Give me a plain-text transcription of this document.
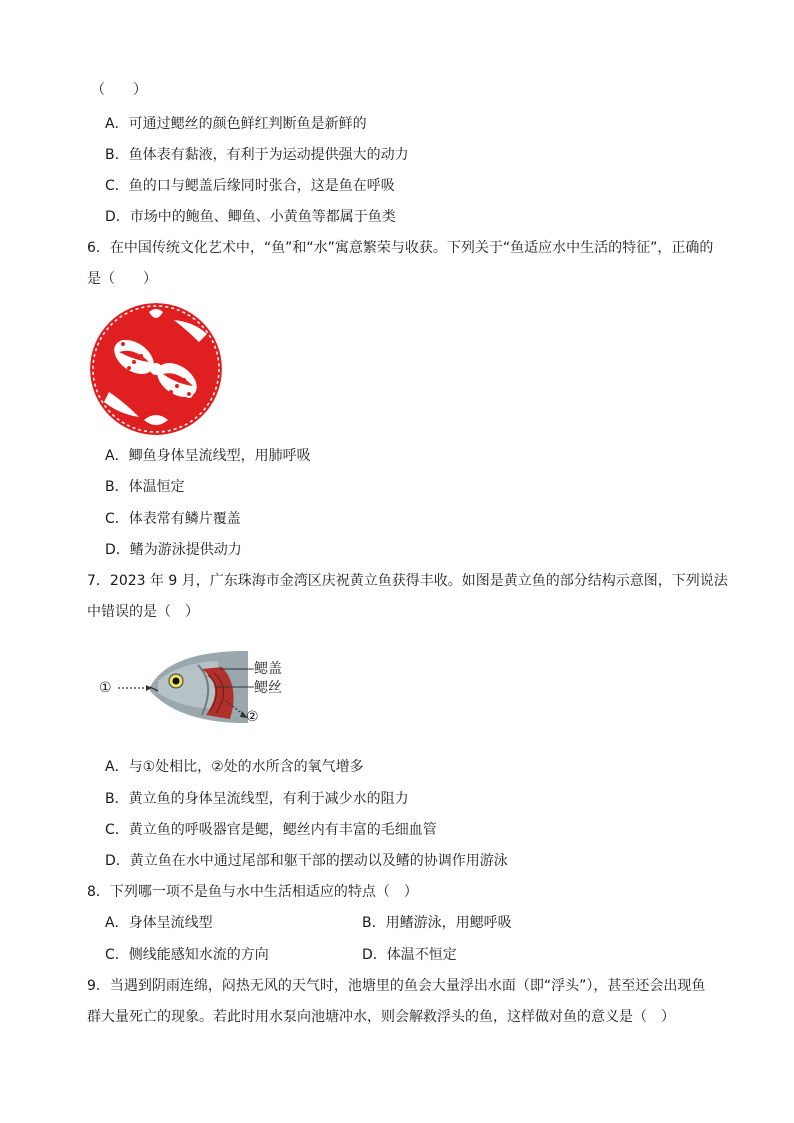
（　　）
A．可通过鳃丝的颜色鲜红判断鱼是新鲜的
B．鱼体表有黏液，有利于为运动提供强大的动力
C．鱼的口与鳃盖后缘同时张合，这是鱼在呼吸
D．市场中的鲍鱼、鲫鱼、小黄鱼等都属于鱼类
6．在中国传统文化艺术中，“鱼”和“水”寓意繁荣与收获。下列关于“鱼适应水中生活的特征”，正确的
是（　　）
A．鲫鱼身体呈流线型，用肺呼吸
B．体温恒定
C．体表常有鳞片覆盖
D．鳍为游泳提供动力
7．2023 年 9 月，广东珠海市金湾区庆祝黄立鱼获得丰收。如图是黄立鱼的部分结构示意图，下列说法
中错误的是（　）
①
鳃盖
鳃丝
②
A．与①处相比，②处的水所含的氧气增多
B．黄立鱼的身体呈流线型，有利于减少水的阻力
C．黄立鱼的呼吸器官是鳃，鳃丝内有丰富的毛细血管
D．黄立鱼在水中通过尾部和躯干部的摆动以及鳍的协调作用游泳
8．下列哪一项不是鱼与水中生活相适应的特点（　）
A．身体呈流线型	B．用鳍游泳，用鳃呼吸
C．侧线能感知水流的方向	D．体温不恒定
9．当遇到阴雨连绵，闷热无风的天气时，池塘里的鱼会大量浮出水面（即“浮头”），甚至还会出现鱼
群大量死亡的现象。若此时用水泵向池塘冲水，则会解救浮头的鱼，这样做对鱼的意义是（　）
